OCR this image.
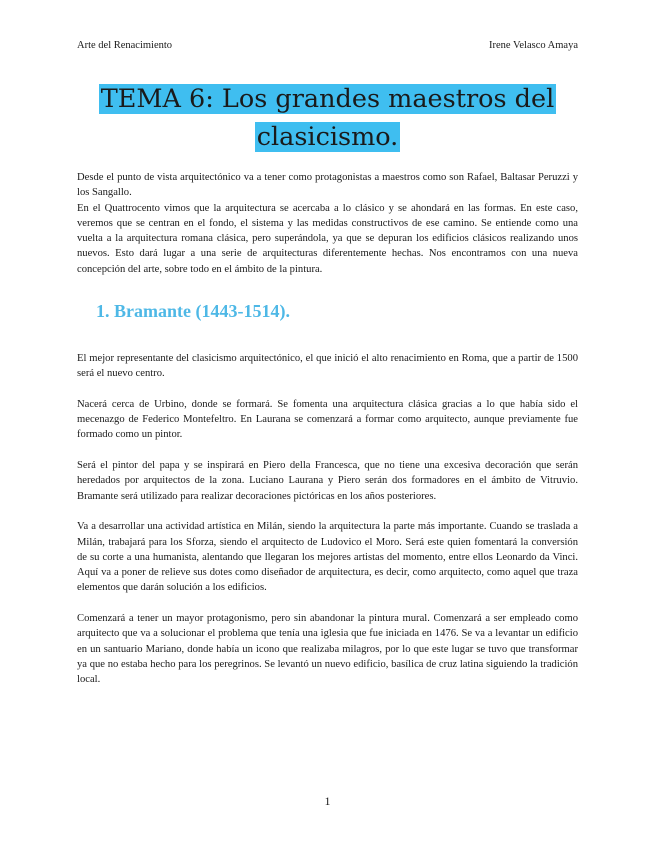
Arte del Renacimiento	Irene Velasco Amaya
TEMA 6: Los grandes maestros del
clasicismo.

Desde el punto de vista arquitectónico va a tener como protagonistas a maestros como son Rafael, Baltasar Peruzzi y los Sangallo.

En el Quattrocento vimos que la arquitectura se acercaba a lo clásico y se ahondará en las formas. En este caso, veremos que se centran en el fondo, el sistema y las medidas constructivos de ese camino. Se entiende como una vuelta a la arquitectura romana clásica, pero superándola, ya que se depuran los edificios clásicos realizando unos nuevos. Esto dará lugar a una serie de arquitecturas diferentemente hechas. Nos encontramos con una nueva concepción del arte, sobre todo en el ámbito de la pintura.

1. Bramante (1443-1514).

El mejor representante del clasicismo arquitectónico, el que inició el alto renacimiento en Roma, que a partir de 1500 será el nuevo centro.

Nacerá cerca de Urbino, donde se formará. Se fomenta una arquitectura clásica gracias a lo que había sido el mecenazgo de Federico Montefeltro. En Laurana se comenzará a formar como arquitecto, aunque previamente fue formado como un pintor.

Será el pintor del papa y se inspirará en Piero della Francesca, que no tiene una excesiva decoración que serán heredados por arquitectos de la zona. Luciano Laurana y Piero serán dos formadores en el ámbito de Vitruvio. Bramante será utilizado para realizar decoraciones pictóricas en los años posteriores.

Va a desarrollar una actividad artística en Milán, siendo la arquitectura la parte más importante. Cuando se traslada a Milán, trabajará para los Sforza, siendo el arquitecto de Ludovico el Moro. Será este quien fomentará la conversión de su corte a una humanista, alentando que llegaran los mejores artistas del momento, entre ellos Leonardo da Vinci. Aquí va a poner de relieve sus dotes como diseñador de arquitectura, es decir, como arquitecto, como aquel que traza elementos que darán solución a los edificios.

Comenzará a tener un mayor protagonismo, pero sin abandonar la pintura mural. Comenzará a ser empleado como arquitecto que va a solucionar el problema que tenía una iglesia que fue iniciada en 1476. Se va a levantar un edificio en un santuario Mariano, donde había un icono que realizaba milagros, por lo que este lugar se tuvo que transformar ya que no estaba hecho para los peregrinos. Se levantó un nuevo edificio, basílica de cruz latina siguiendo la tradición local.

1
